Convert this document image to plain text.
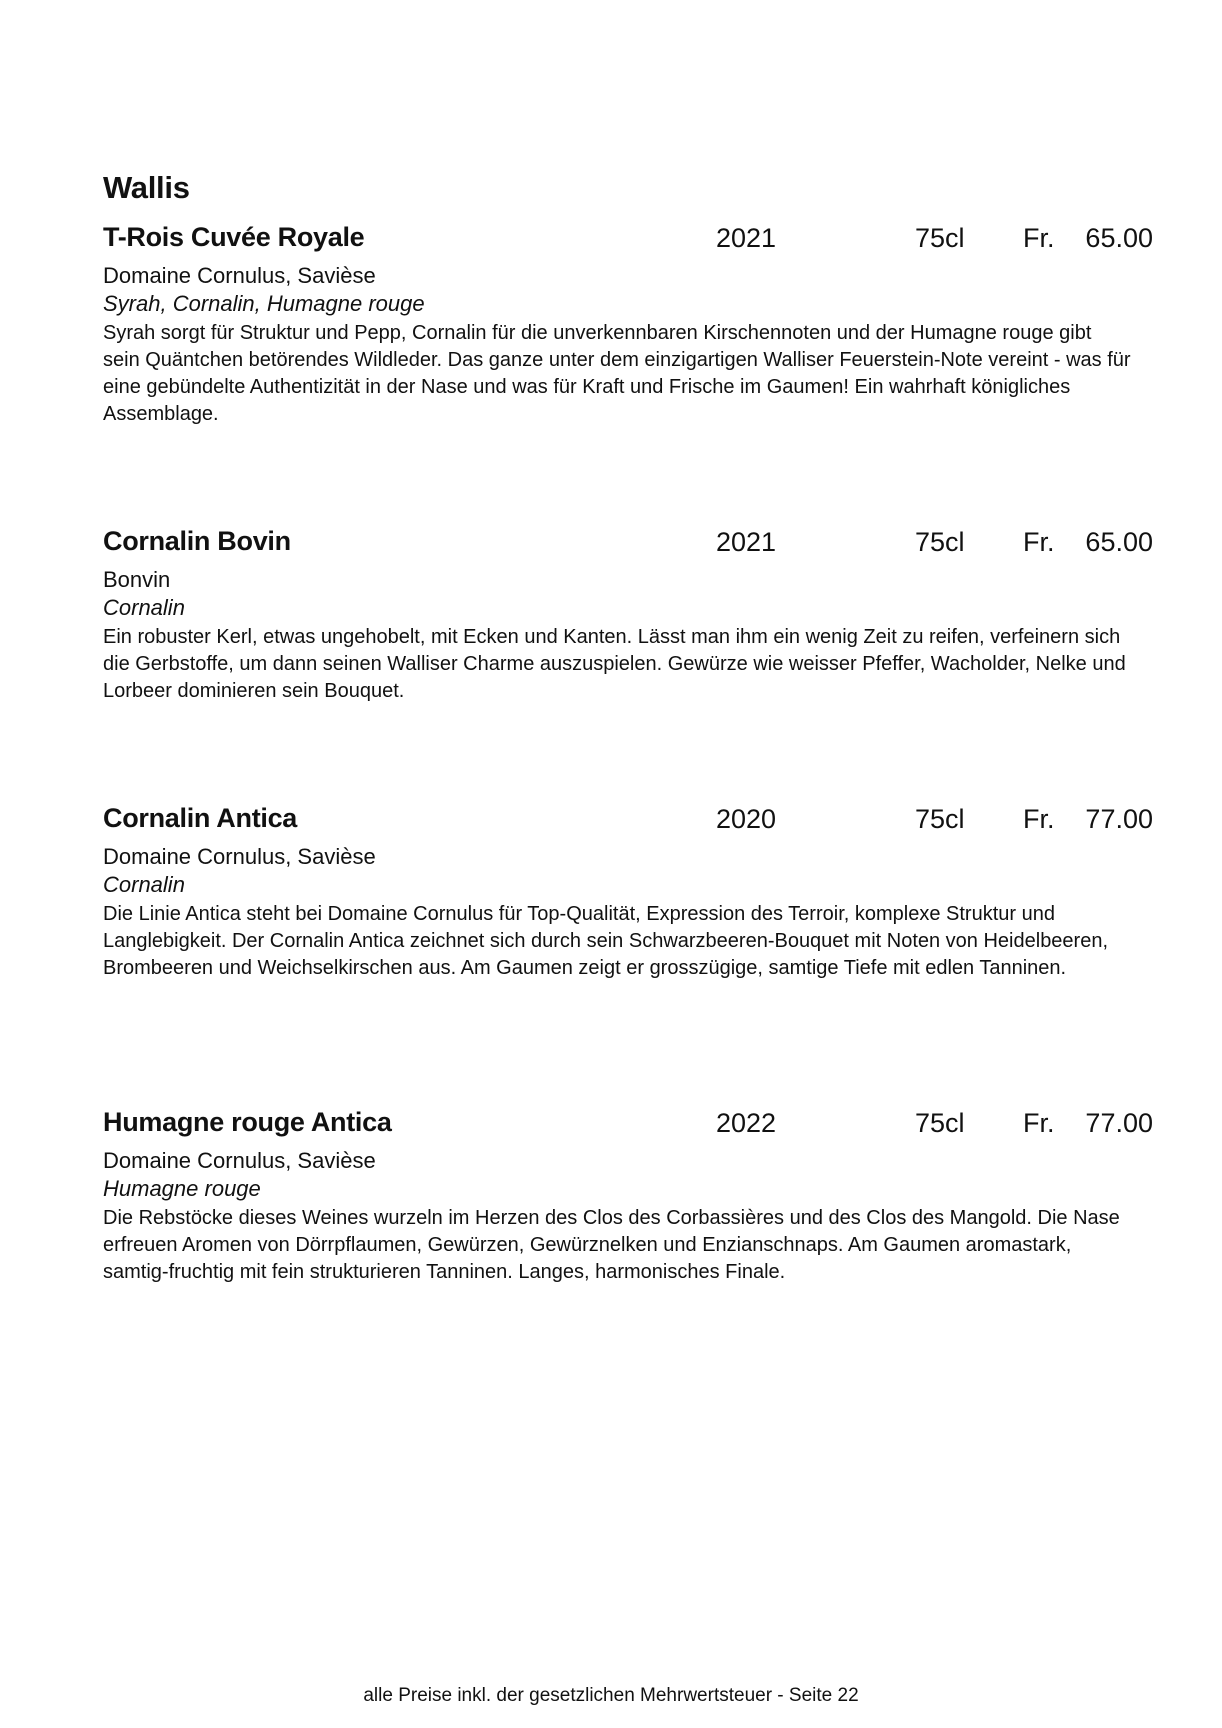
Wallis
T-Rois Cuvée Royale	2021	75cl Fr. 65.00
Domaine Cornulus, Savièse
Syrah, Cornalin, Humagne rouge
Syrah sorgt für Struktur und Pepp, Cornalin für die unverkennbaren Kirschennoten und der Humagne rouge gibt sein Quäntchen betörendes Wildleder. Das ganze unter dem einzigartigen Walliser Feuerstein-Note vereint - was für eine gebündelte Authentizität in der Nase und was für Kraft und Frische im Gaumen! Ein wahrhaft königliches Assemblage.
Cornalin Bovin	2021	75cl Fr. 65.00
Bonvin
Cornalin
Ein robuster Kerl, etwas ungehobelt, mit Ecken und Kanten. Lässt man ihm ein wenig Zeit zu reifen, verfeinern sich die Gerbstoffe, um dann seinen Walliser Charme auszuspielen. Gewürze wie weisser Pfeffer, Wacholder, Nelke und Lorbeer dominieren sein Bouquet.
Cornalin Antica	2020	75cl Fr. 77.00
Domaine Cornulus, Savièse
Cornalin
Die Linie Antica steht bei Domaine Cornulus für Top-Qualität, Expression des Terroir, komplexe Struktur und Langlebigkeit. Der Cornalin Antica zeichnet sich durch sein Schwarzbeeren-Bouquet mit Noten von Heidelbeeren, Brombeeren und Weichselkirschen aus. Am Gaumen zeigt er grosszügige, samtige Tiefe mit edlen Tanninen.
Humagne rouge Antica	2022	75cl Fr. 77.00
Domaine Cornulus, Savièse
Humagne rouge
Die Rebstöcke dieses Weines wurzeln im Herzen des Clos des Corbassières und des Clos des Mangold. Die Nase erfreuen Aromen von Dörrpflaumen, Gewürzen, Gewürznelken und Enzianschnaps. Am Gaumen aromastark, samtig-fruchtig mit fein strukturieren Tanninen. Langes, harmonisches Finale.
alle Preise inkl. der gesetzlichen Mehrwertsteuer - Seite 22
